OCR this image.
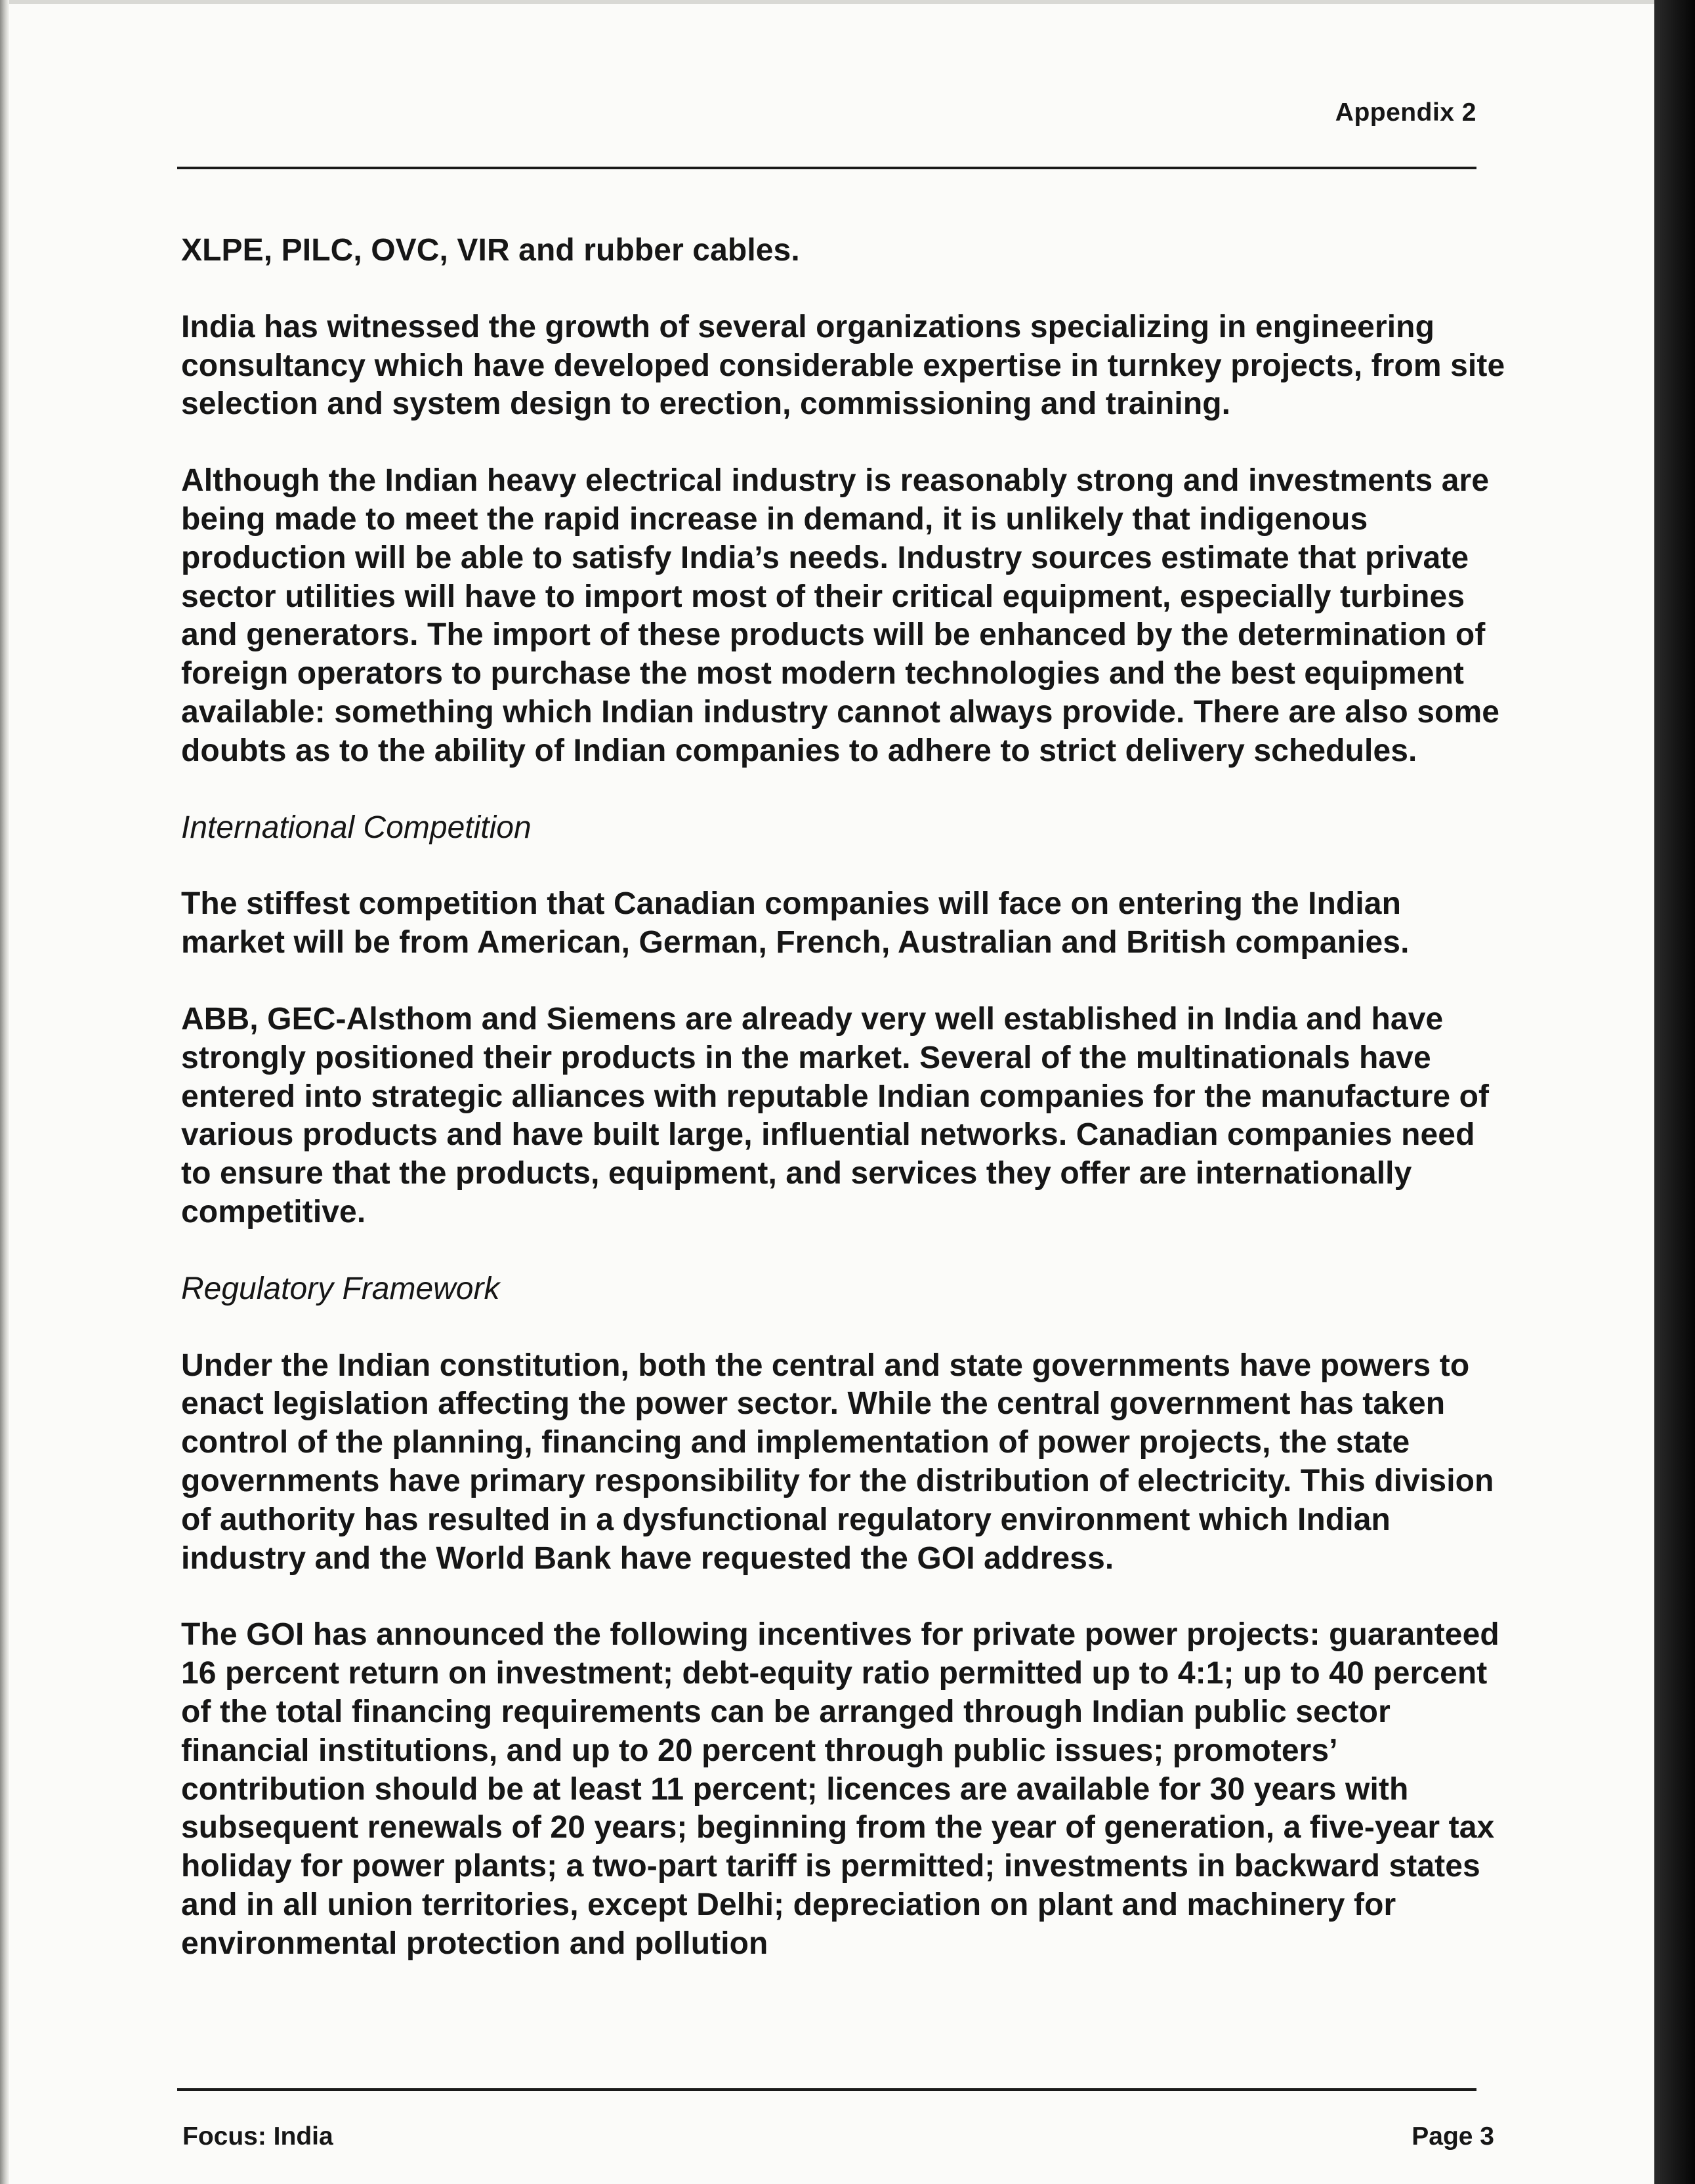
Appendix 2

XLPE, PILC, OVC, VIR and rubber cables.

India has witnessed the growth of several organizations specializing in engineering consultancy which have developed considerable expertise in turnkey projects, from site selection and system design to erection, commissioning and training.

Although the Indian heavy electrical industry is reasonably strong and investments are being made to meet the rapid increase in demand, it is unlikely that indigenous production will be able to satisfy India’s needs. Industry sources estimate that private sector utilities will have to import most of their critical equipment, especially turbines and generators. The import of these products will be enhanced by the determination of foreign operators to purchase the most modern technologies and the best equipment available: something which Indian industry cannot always provide. There are also some doubts as to the ability of Indian companies to adhere to strict delivery schedules.

International Competition

The stiffest competition that Canadian companies will face on entering the Indian market will be from American, German, French, Australian and British companies.

ABB, GEC-Alsthom and Siemens are already very well established in India and have strongly positioned their products in the market. Several of the multinationals have entered into strategic alliances with reputable Indian companies for the manufacture of various products and have built large, influential networks. Canadian companies need to ensure that the products, equipment, and services they offer are internationally competitive.

Regulatory Framework

Under the Indian constitution, both the central and state governments have powers to enact legislation affecting the power sector. While the central government has taken control of the planning, financing and implementation of power projects, the state governments have primary responsibility for the distribution of electricity. This division of authority has resulted in a dysfunctional regulatory environment which Indian industry and the World Bank have requested the GOI address.

The GOI has announced the following incentives for private power projects: guaranteed 16 percent return on investment; debt-equity ratio permitted up to 4:1; up to 40 percent of the total financing requirements can be arranged through Indian public sector financial institutions, and up to 20 percent through public issues; promoters’ contribution should be at least 11 percent; licences are available for 30 years with subsequent renewals of 20 years; beginning from the year of generation, a five-year tax holiday for power plants; a two-part tariff is permitted; investments in backward states and in all union territories, except Delhi; depreciation on plant and machinery for environmental protection and pollution

Focus: India	Page 3
